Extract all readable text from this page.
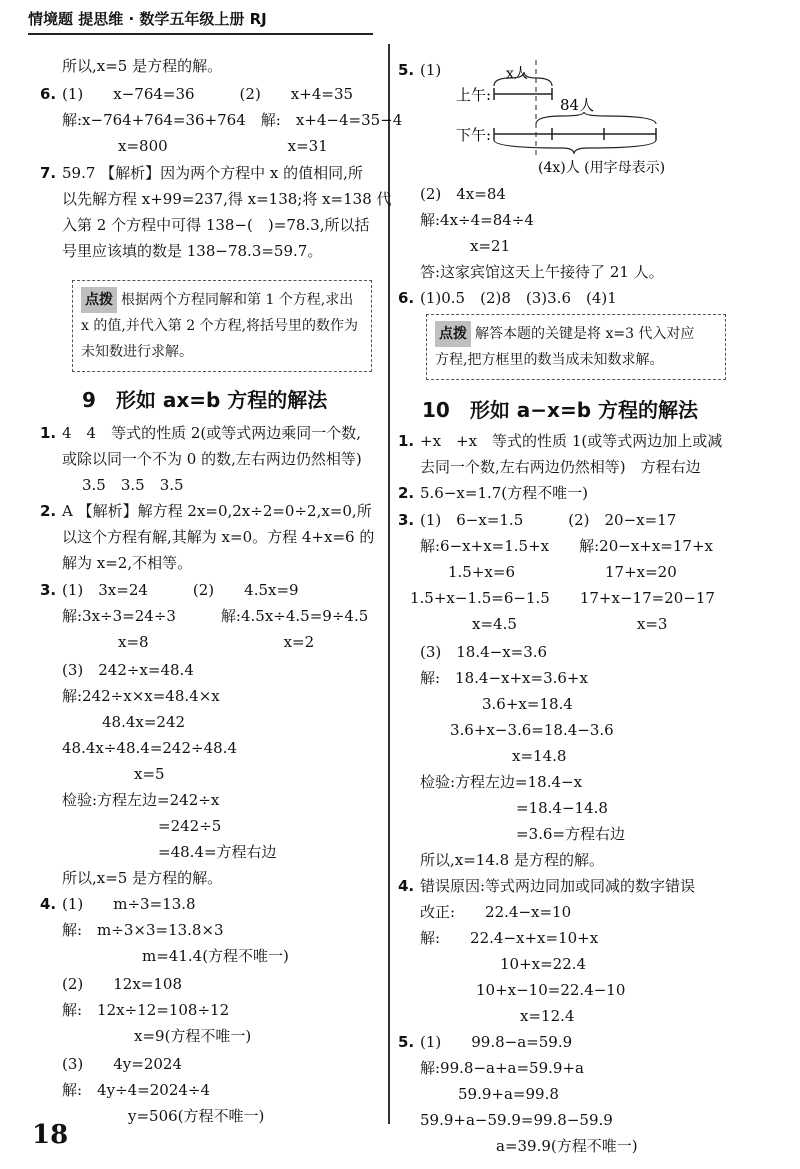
情境题 提思维 · 数学五年级上册 RJ
所以,x=5 是方程的解。
6. (1)　　x−764=36　　　(2)　　x+4=35
解:x−764+764=36+764　解:　x+4−4=35−4
x=800　　　　　　　　x=31
7. 59.7 【解析】因为两个方程中 x 的值相同,所
以先解方程 x+99=237,得 x=138;将 x=138 代
入第 2 个方程中可得 138−(　)=78.3,所以括
号里应该填的数是 138−78.3=59.7。
1. 4　4　等式的性质 2(或等式两边乘同一个数,
或除以同一个不为 0 的数,左右两边仍然相等)
3.5　3.5　3.5
2. A 【解析】解方程 2x=0,2x÷2=0÷2,x=0,所
以这个方程有解,其解为 x=0。方程 4+x=6 的
解为 x=2,不相等。
3. (1)　3x=24　　　(2)　　4.5x=9
解:3x÷3=24÷3　　　解:4.5x÷4.5=9÷4.5
x=8　　　　　　　　　x=2
(3)　242÷x=48.4
解:242÷x×x=48.4×x
48.4x=242
48.4x÷48.4=242÷48.4
x=5
检验:方程左边=242÷x
=242÷5
=48.4=方程右边
所以,x=5 是方程的解。
4. (1)　　m÷3=13.8
解:　m÷3×3=13.8×3
m=41.4(方程不唯一)
(2)　　12x=108
解:　12x÷12=108÷12
x=9(方程不唯一)
(3)　　4y=2024
解:　4y÷4=2024÷4
y=506(方程不唯一)
(2)　4x=84
解:4x÷4=84÷4
x=21
答:这家宾馆这天上午接待了 21 人。
6. (1)0.5　(2)8　(3)3.6　(4)1
1. +x　+x　等式的性质 1(或等式两边加上或减
去同一个数,左右两边仍然相等)　方程右边
2. 5.6−x=1.7(方程不唯一)
3. (1)　6−x=1.5　　　(2)　20−x=17
解:6−x+x=1.5+x　　解:20−x+x=17+x
1.5+x=6　　　　　　17+x=20
1.5+x−1.5=6−1.5　　17+x−17=20−17
x=4.5　　　　　　　　x=3
(3)　18.4−x=3.6
解:　18.4−x+x=3.6+x
3.6+x=18.4
3.6+x−3.6=18.4−3.6
x=14.8
检验:方程左边=18.4−x
=18.4−14.8
=3.6=方程右边
所以,x=14.8 是方程的解。
4. 错误原因:等式两边同加或同减的数字错误
改正:　　22.4−x=10
解:　　22.4−x+x=10+x
10+x=22.4
10+x−10=22.4−10
x=12.4
5. (1)　　99.8−a=59.9
解:99.8−a+a=59.9+a
59.9+a=99.8
59.9+a−59.9=99.8−59.9
a=39.9(方程不唯一)
点拨 根据两个方程同解和第 1 个方程,求出
x 的值,并代入第 2 个方程,将括号里的数作为
未知数进行求解。
点拨 解答本题的关键是将 x=3 代入对应
方程,把方框里的数当成未知数求解。
9　形如 ax=b 方程的解法	10　形如 a−x=b 方程的解法
5. (1)
上午:
下午:
x人
84人
(4x)人 (用字母表示)
18
